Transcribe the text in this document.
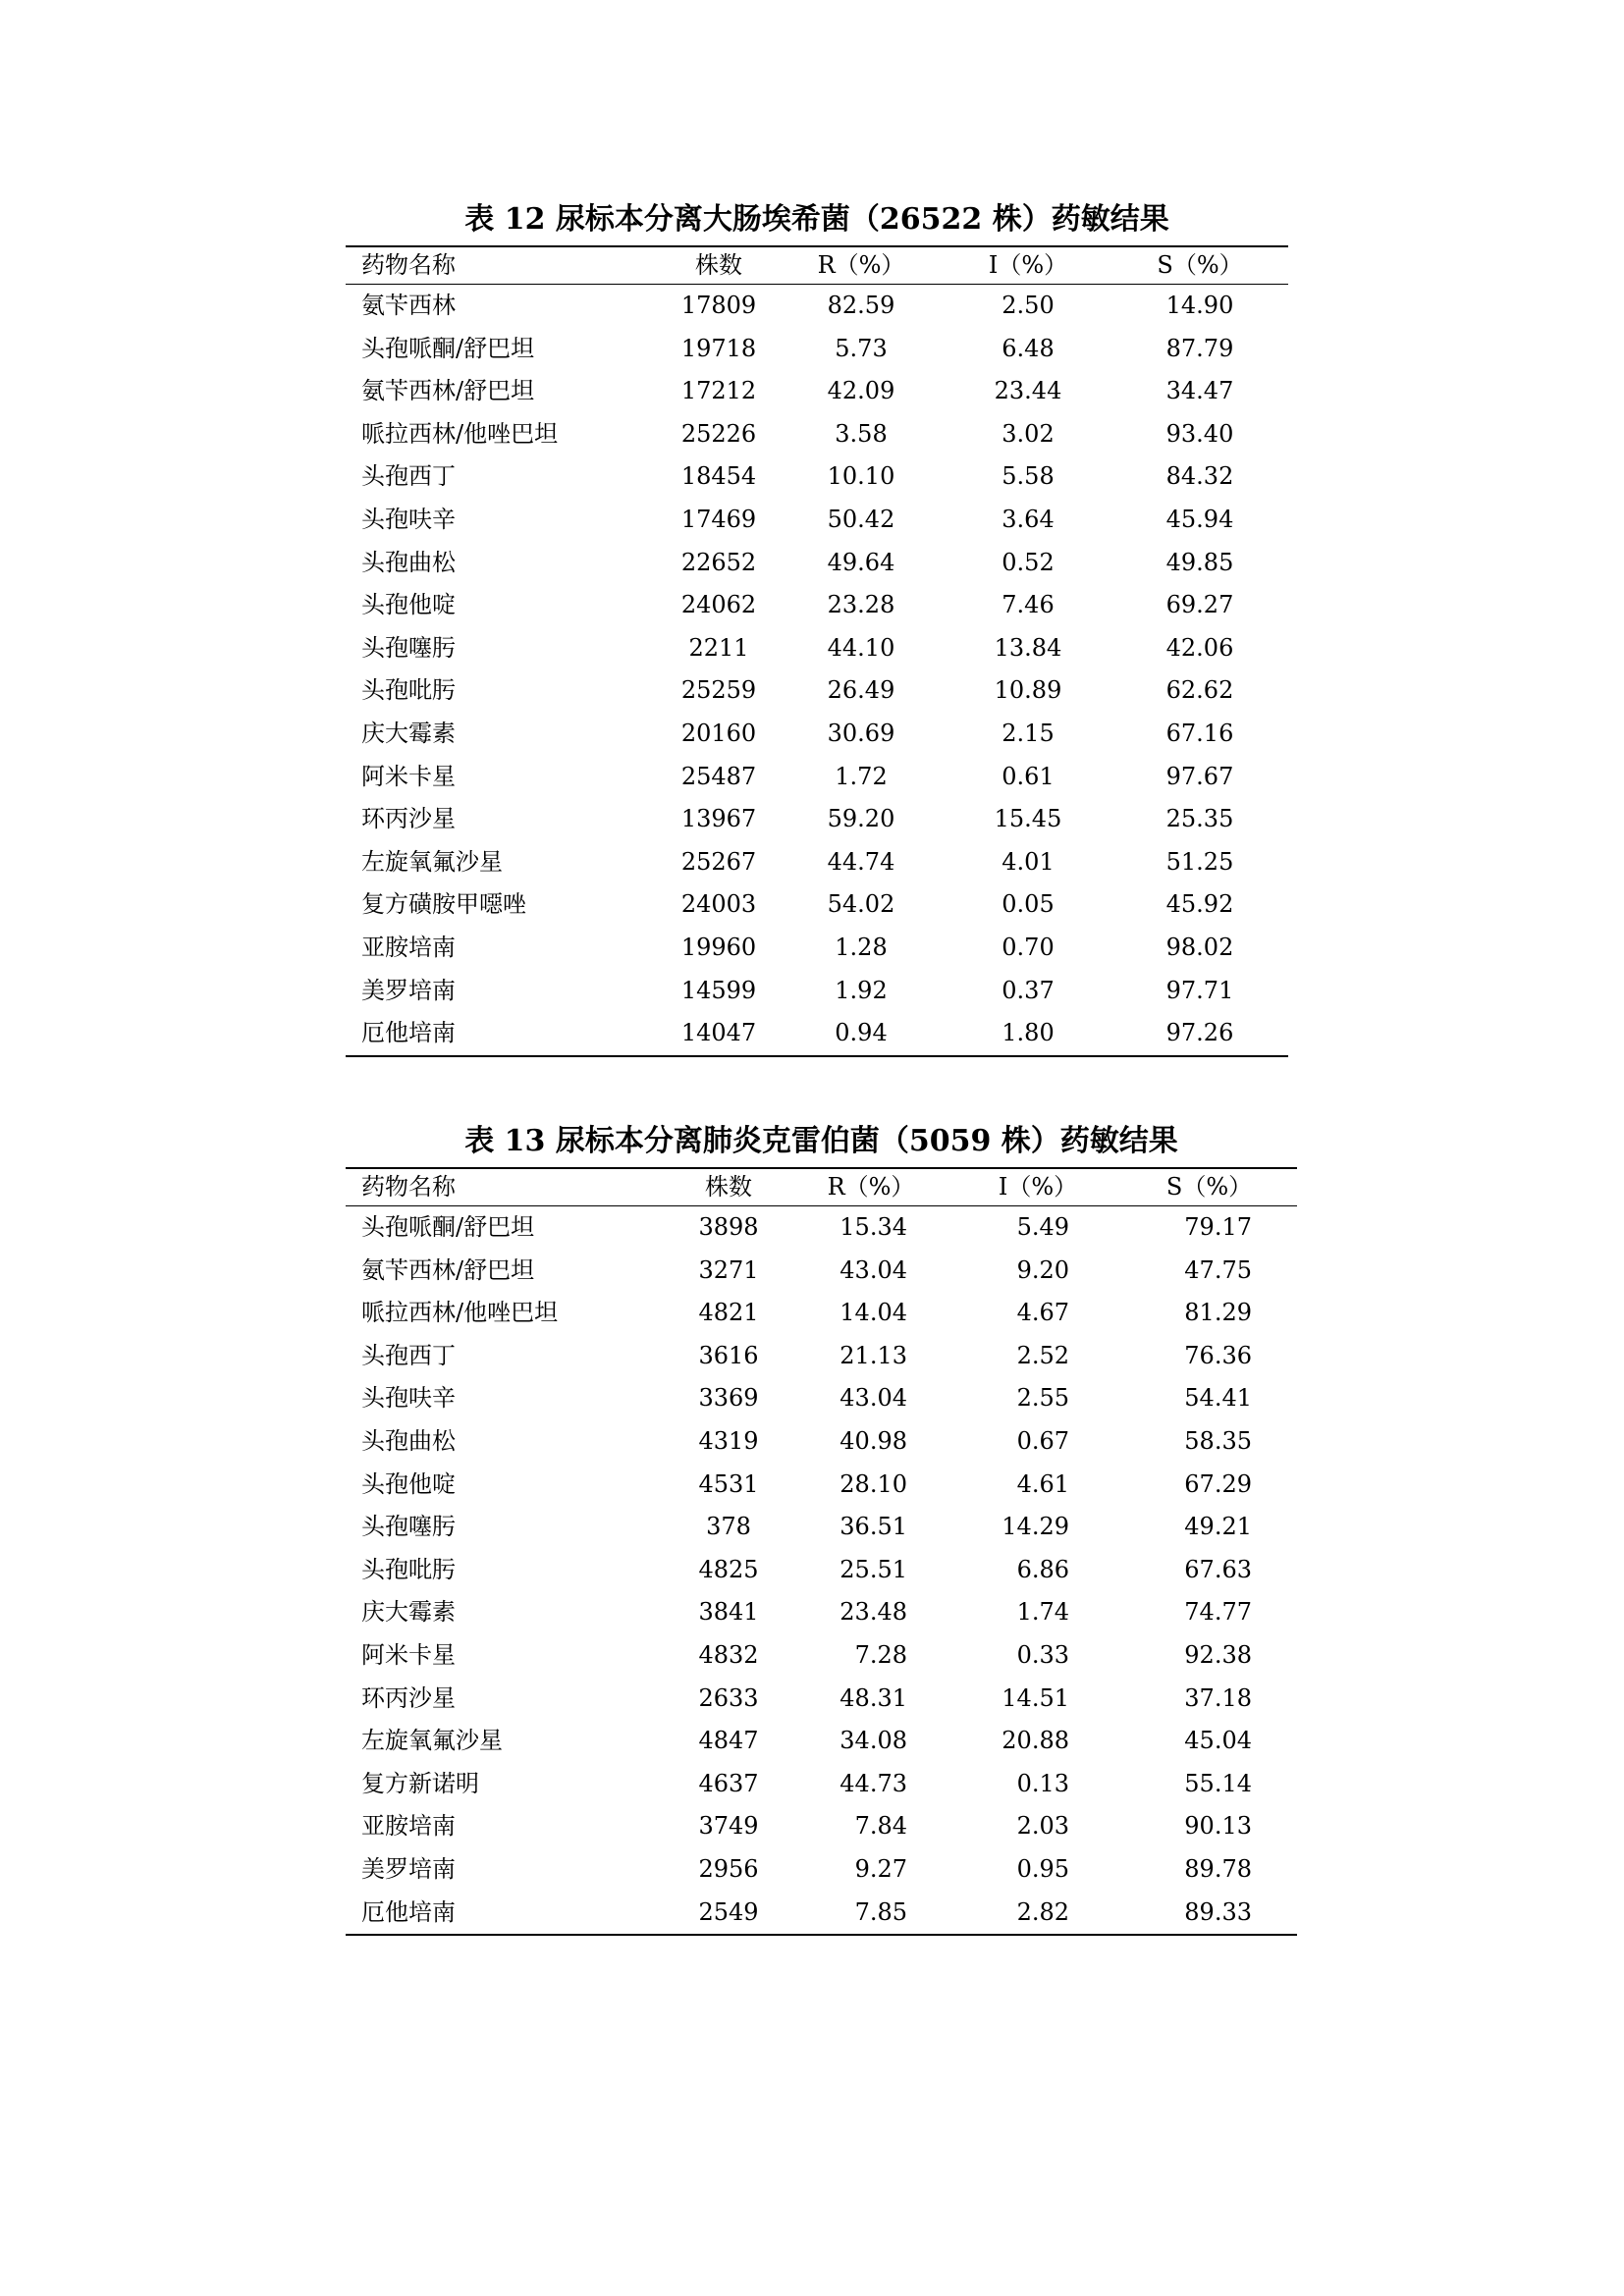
表 12 尿标本分离大肠埃希菌（26522 株）药敏结果
药物名称	株数	R（%）	I（%）	S（%）
氨苄西林	17809	82.59	2.50	14.90
头孢哌酮/舒巴坦	19718	5.73	6.48	87.79
氨苄西林/舒巴坦	17212	42.09	23.44	34.47
哌拉西林/他唑巴坦	25226	3.58	3.02	93.40
头孢西丁	18454	10.10	5.58	84.32
头孢呋辛	17469	50.42	3.64	45.94
头孢曲松	22652	49.64	0.52	49.85
头孢他啶	24062	23.28	7.46	69.27
头孢噻肟	2211	44.10	13.84	42.06
头孢吡肟	25259	26.49	10.89	62.62
庆大霉素	20160	30.69	2.15	67.16
阿米卡星	25487	1.72	0.61	97.67
环丙沙星	13967	59.20	15.45	25.35
左旋氧氟沙星	25267	44.74	4.01	51.25
复方磺胺甲噁唑	24003	54.02	0.05	45.92
亚胺培南	19960	1.28	0.70	98.02
美罗培南	14599	1.92	0.37	97.71
厄他培南	14047	0.94	1.80	97.26
表 13 尿标本分离肺炎克雷伯菌（5059 株）药敏结果
药物名称	株数	R（%）	I（%）	S（%）
头孢哌酮/舒巴坦	3898	15.34	5.49	79.17
氨苄西林/舒巴坦	3271	43.04	9.20	47.75
哌拉西林/他唑巴坦	4821	14.04	4.67	81.29
头孢西丁	3616	21.13	2.52	76.36
头孢呋辛	3369	43.04	2.55	54.41
头孢曲松	4319	40.98	0.67	58.35
头孢他啶	4531	28.10	4.61	67.29
头孢噻肟	378	36.51	14.29	49.21
头孢吡肟	4825	25.51	6.86	67.63
庆大霉素	3841	23.48	1.74	74.77
阿米卡星	4832	7.28	0.33	92.38
环丙沙星	2633	48.31	14.51	37.18
左旋氧氟沙星	4847	34.08	20.88	45.04
复方新诺明	4637	44.73	0.13	55.14
亚胺培南	3749	7.84	2.03	90.13
美罗培南	2956	9.27	0.95	89.78
厄他培南	2549	7.85	2.82	89.33
